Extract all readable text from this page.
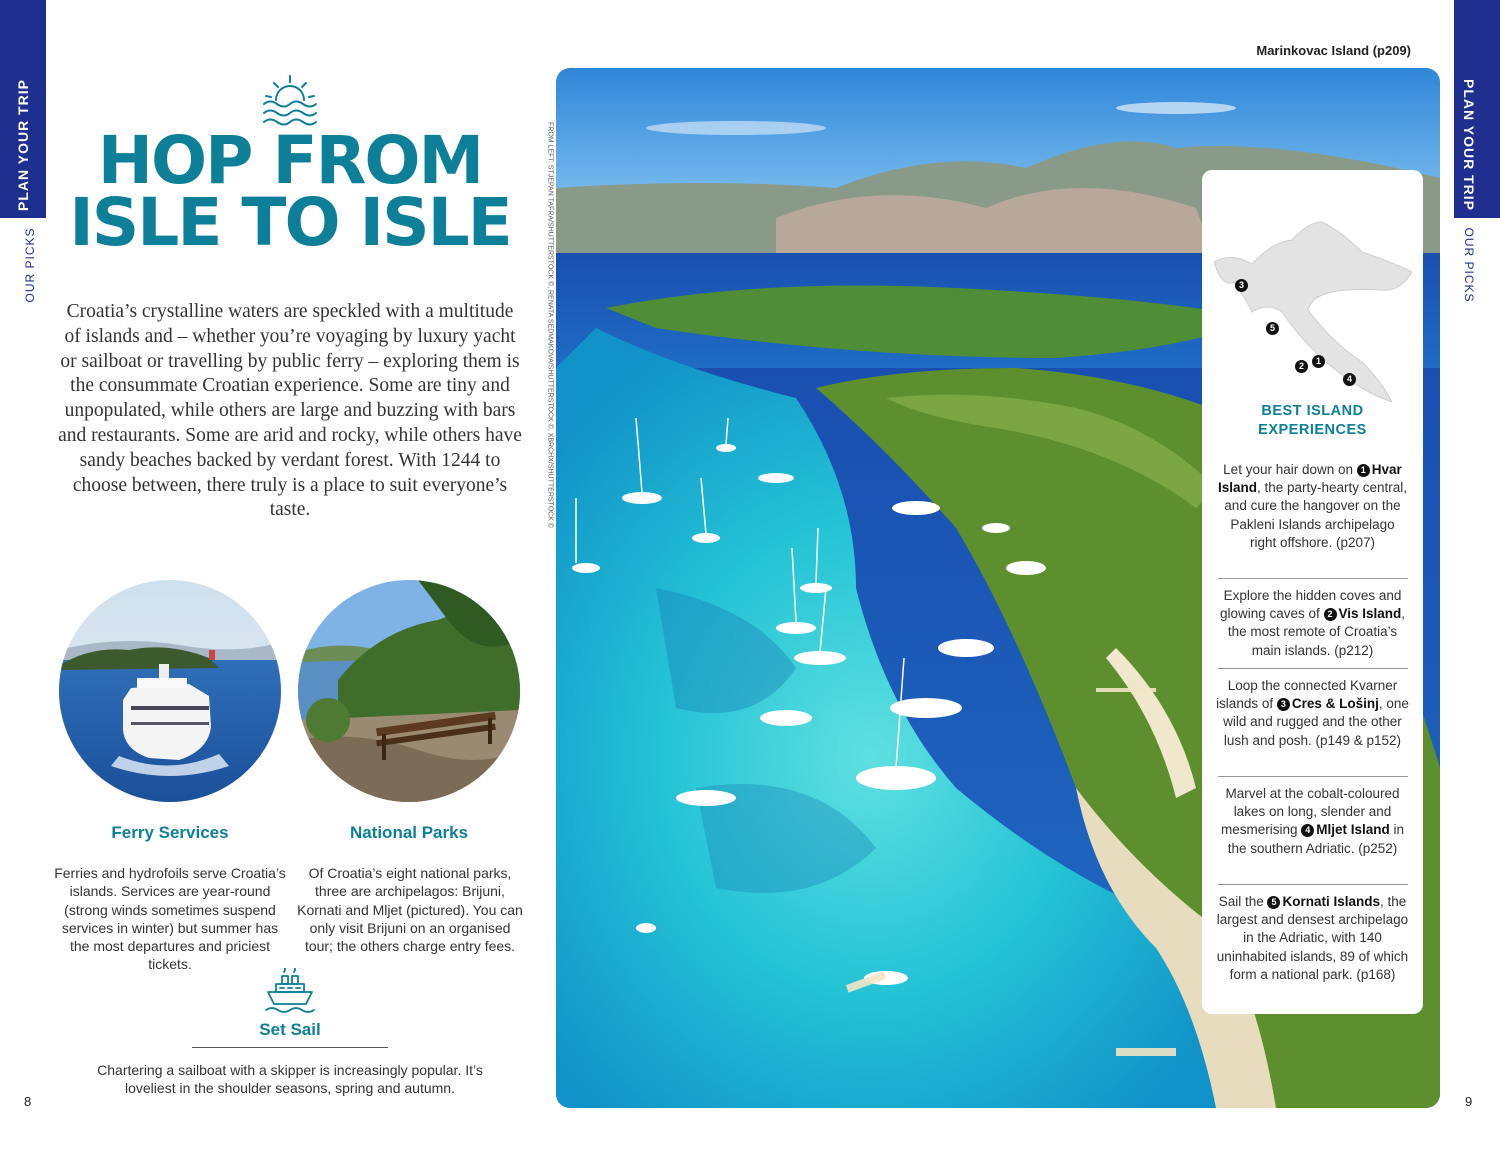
PLAN YOUR TRIP
OUR PICKS
PLAN YOUR TRIP
OUR PICKS
HOP FROM
ISLE TO ISLE

Croatia’s crystalline waters are speckled with a multitude of islands and – whether you’re voyaging by luxury yacht or sailboat or travelling by public ferry – exploring them is the consummate Croatian experience. Some are tiny and unpopulated, while others are large and buzzing with bars and restaurants. Some are arid and rocky, while others have sandy beaches backed by verdant forest. With 1244 to choose between, there truly is a place to suit everyone’s taste.

Ferry Services

Ferries and hydrofoils serve Croatia’s islands. Services are year-round (strong winds sometimes suspend services in winter) but summer has the most departures and priciest tickets.

National Parks

Of Croatia’s eight national parks, three are archipelagos: Brijuni, Kornati and Mljet (pictured). You can only visit Brijuni on an organised tour; the others charge entry fees.

Set Sail

Chartering a sailboat with a skipper is increasingly popular. It’s loveliest in the shoulder seasons, spring and autumn.

8	9
FROM LEFT: STJEPAN TAFRA/SHUTTERSTOCK ©, RENATA SEDMAKOVA/SHUTTERSTOCK ©, XBRCHX/SHUTTERSTOCK ©
Marinkovac Island (p209)
3
5
2	1
4
BEST ISLAND
EXPERIENCES

Let your hair down on 1 Hvar Island, the party-hearty central, and cure the hangover on the Pakleni Islands archipelago right offshore. (p207)

Explore the hidden coves and glowing caves of 2 Vis Island, the most remote of Croatia’s main islands. (p212)

Loop the connected Kvarner islands of 3 Cres & Lošinj, one wild and rugged and the other lush and posh. (p149 & p152)

Marvel at the cobalt-coloured lakes on long, slender and mesmerising 4 Mljet Island in the southern Adriatic. (p252)

Sail the 5 Kornati Islands, the largest and densest archipelago in the Adriatic, with 140 uninhabited islands, 89 of which form a national park. (p168)
